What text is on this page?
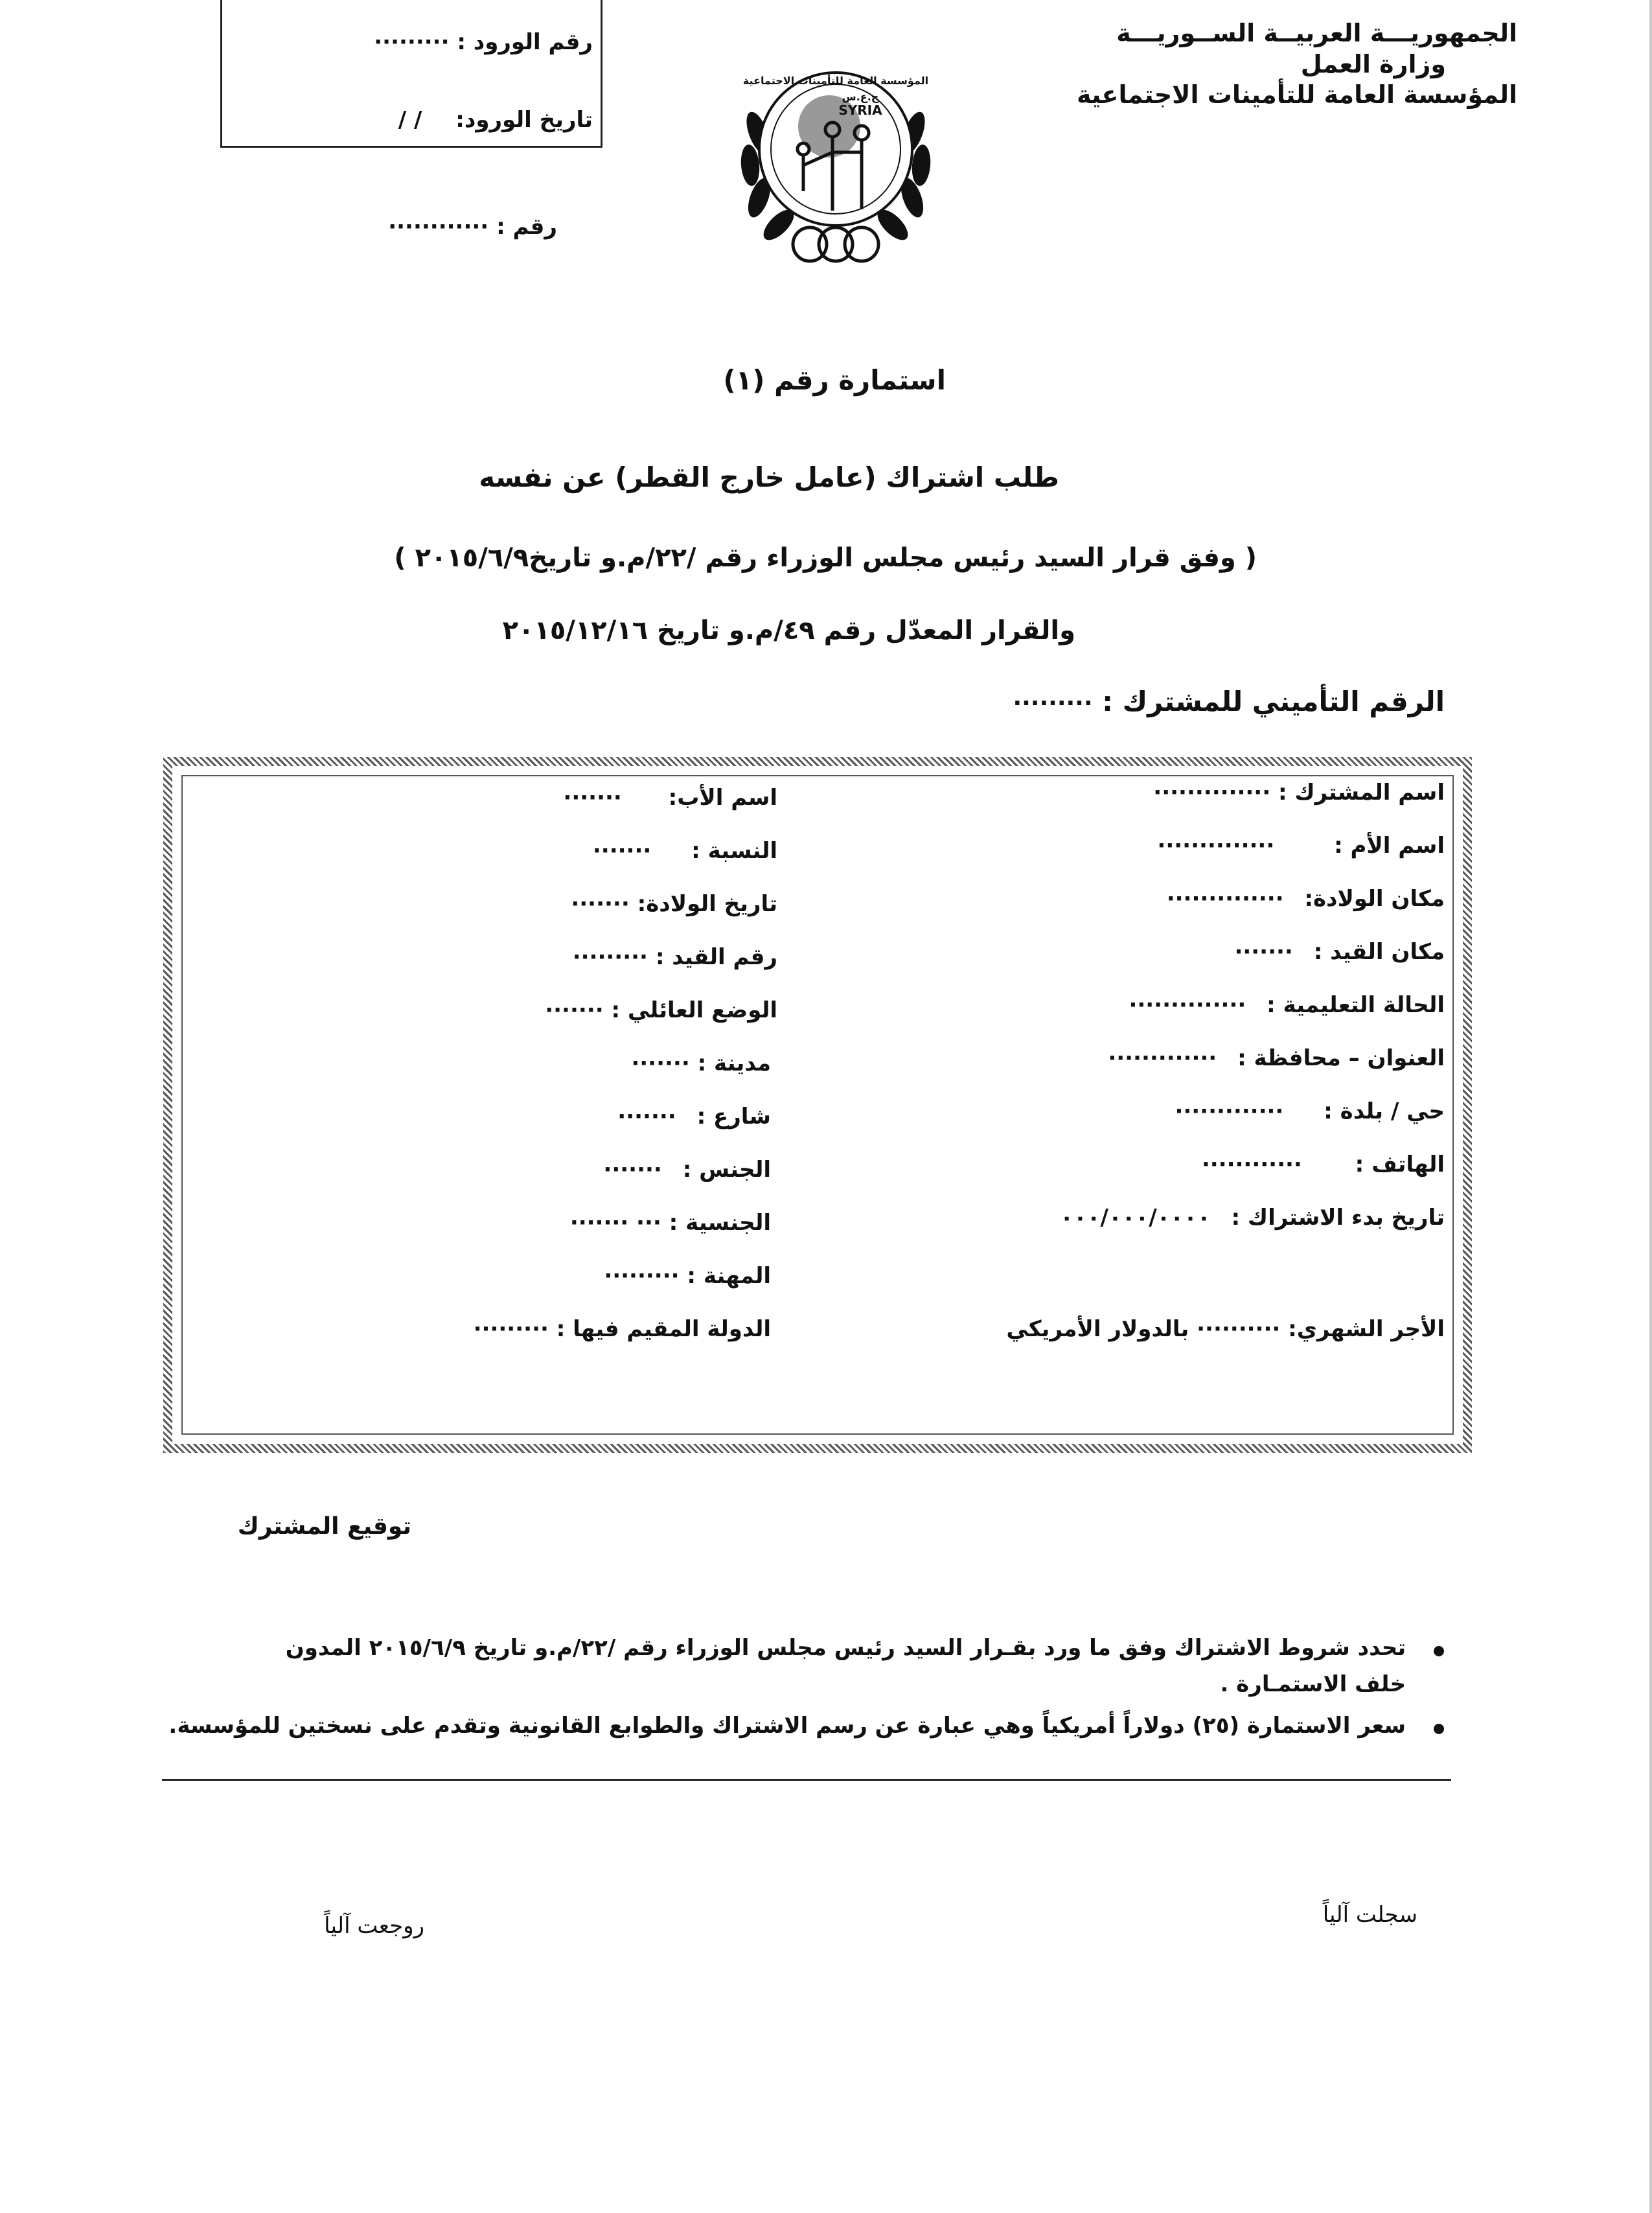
الجمهوريـــة العربيــة الســوريـــة
وزارة العمل
المؤسسة العامة للتأمينات الاجتماعية
المؤسسة العامة للتأمينات الاجتماعية
ج.ع.س
SYRIA
رقم الورود : ·········
تاريخ الورود: / /
رقم : ············
استمارة رقم (١)
طلب اشتراك (عامل خارج القطر) عن نفسه
( وفق قرار السيد رئيس مجلس الوزراء رقم /٢٢/م.و تاريخ٢٠١٥/٦/٩ )
والقرار المعدّل رقم ٤٩/م.و تاريخ ٢٠١٥/١٢/١٦
الرقم التأميني للمشترك : ·········
اسم المشترك : ··············
اسم الأم : ··············
مكان الولادة: ··············
مكان القيد : ·······
الحالة التعليمية : ··············
العنوان – محافظة : ·············
حي / بلدة : ·············
الهاتف : ············
تاريخ بدء الاشتراك : ٠٠٠/٠٠٠/٠٠٠٠
الأجر الشهري: ·········· بالدولار الأمريكي
اسم الأب: ·······
النسبة : ·······
تاريخ الولادة: ·······
رقم القيد : ·········
الوضع العائلي : ·······
مدينة : ·······
شارع : ·······
الجنس : ·······
الجنسية : ··· ·······
المهنة : ·········
الدولة المقيم فيها : ·········
توقيع المشترك
تحدد شروط الاشتراك وفق ما ورد بقـرار السيد رئيس مجلس الوزراء رقم /٢٢/م.و تاريخ ٢٠١٥/٦/٩ المدون
خلف الاستمـارة .
سعر الاستمارة (٢٥) دولاراً أمريكياً وهي عبارة عن رسم الاشتراك والطوابع القانونية وتقدم على نسختين للمؤسسة.
سجلت آلياً
روجعت آلياً
